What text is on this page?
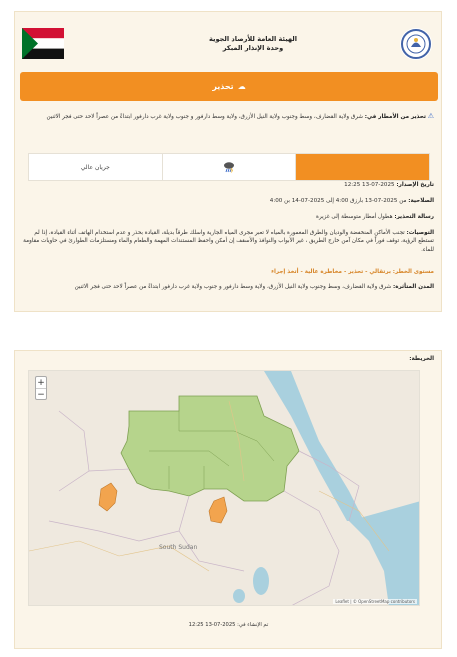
الهيئة العامة للأرصاد الجوية
وحدة الإنذار المبكر
☁
تحذير
⚠ تحذير من الأمطار في: شرق ولاية القضارف، وسط وجنوب ولاية النيل الأزرق، ولاية وسط دارفور و جنوب ولاية غرب دارفور ابتداءً من عصراً لاحد حتى فجر الاثنين
جريان عالي
تاريخ الإصدار: 2025-07-13 12:25
الصلاحية: من 2025-07-13 بارزق 4:00 إلى 2025-07-14 بن 4:00
رسالة التحذير: هطول أمطار متوسطة إلى غزيرة
التوصيات: تجنب الأماكن المنخفضة والوديان والطرق المغمورة بالمياه لا تعبر مجرى المياه الجارية واسلك طرقاً بديلة، القيادة بحذر و عدم استخدام الهاتف أثناء القيادة، إذا لم تستطع الرؤية، توقف فوراً في مكان آمن خارج الطريق ، غير الأبواب والنوافذ والأسقف إن أمكن واحفظ المستندات المهمة والطعام والماء ومستلزمات الطوارئ في حاويات مقاومة للماء.
مستوى الخطر: برتقالي - تحذير - مخاطرة عالية - أتخذ إجراء
المدن المتأثرة: شرق ولاية القضارف، وسط وجنوب ولاية النيل الأزرق، ولاية وسط دارفور و جنوب ولاية غرب دارفور ابتداءً من عصراً لاحد حتى فجر الاثنين
الخريطة:
South Sudan
+
−
Leaflet | © OpenStreetMap contributors
تم الإنشاء في: 2025-07-13 12:25
